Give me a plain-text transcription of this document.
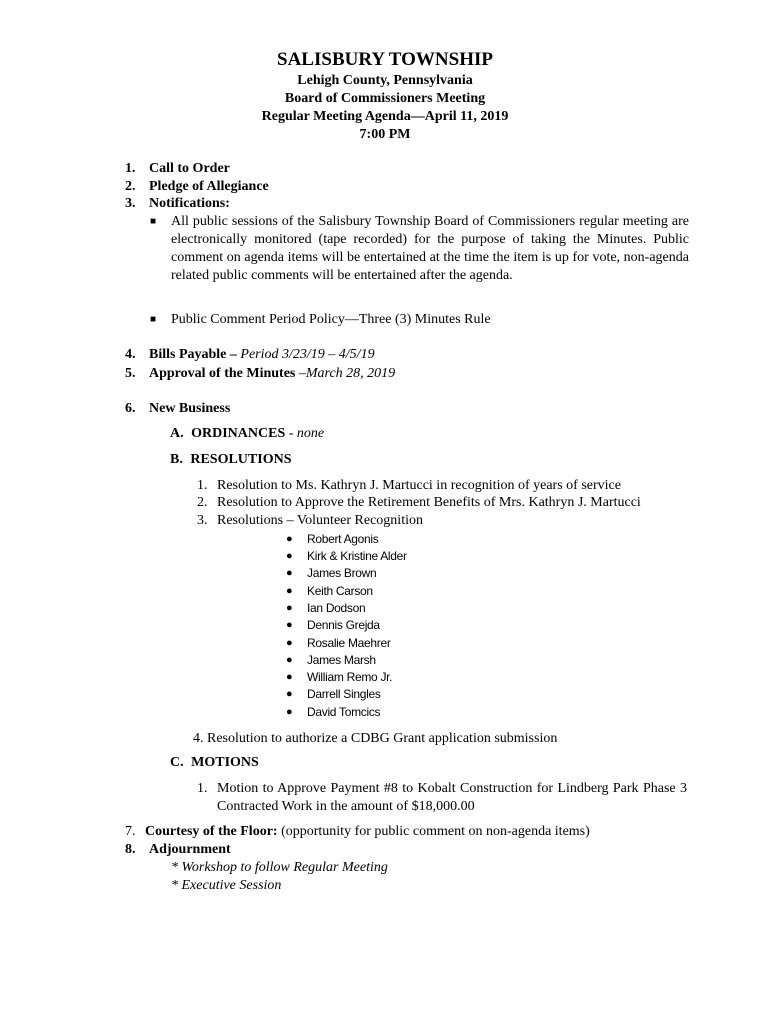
SALISBURY TOWNSHIP
Lehigh County, Pennsylvania
Board of Commissioners Meeting
Regular Meeting Agenda—April 11, 2019
7:00 PM
1. Call to Order
2. Pledge of Allegiance
3. Notifications:
■ All public sessions of the Salisbury Township Board of Commissioners regular meeting are electronically monitored (tape recorded) for the purpose of taking the Minutes. Public comment on agenda items will be entertained at the time the item is up for vote, non-agenda related public comments will be entertained after the agenda.
■ Public Comment Period Policy—Three (3) Minutes Rule
4. Bills Payable – Period 3/23/19 – 4/5/19
5. Approval of the Minutes –March 28, 2019
6. New Business
A. ORDINANCES - none
B. RESOLUTIONS
1. Resolution to Ms. Kathryn J. Martucci in recognition of years of service
2. Resolution to Approve the Retirement Benefits of Mrs. Kathryn J. Martucci
3. Resolutions – Volunteer Recognition
● Robert Agonis
● Kirk & Kristine Alder
● James Brown
● Keith Carson
● Ian Dodson
● Dennis Grejda
● Rosalie Maehrer
● James Marsh
● William Remo Jr.
● Darrell Singles
● David Tomcics
4. Resolution to authorize a CDBG Grant application submission
C. MOTIONS
1. Motion to Approve Payment #8 to Kobalt Construction for Lindberg Park Phase 3 Contracted Work in the amount of $18,000.00
7. Courtesy of the Floor: (opportunity for public comment on non-agenda items)
8. Adjournment
* Workshop to follow Regular Meeting
* Executive Session
